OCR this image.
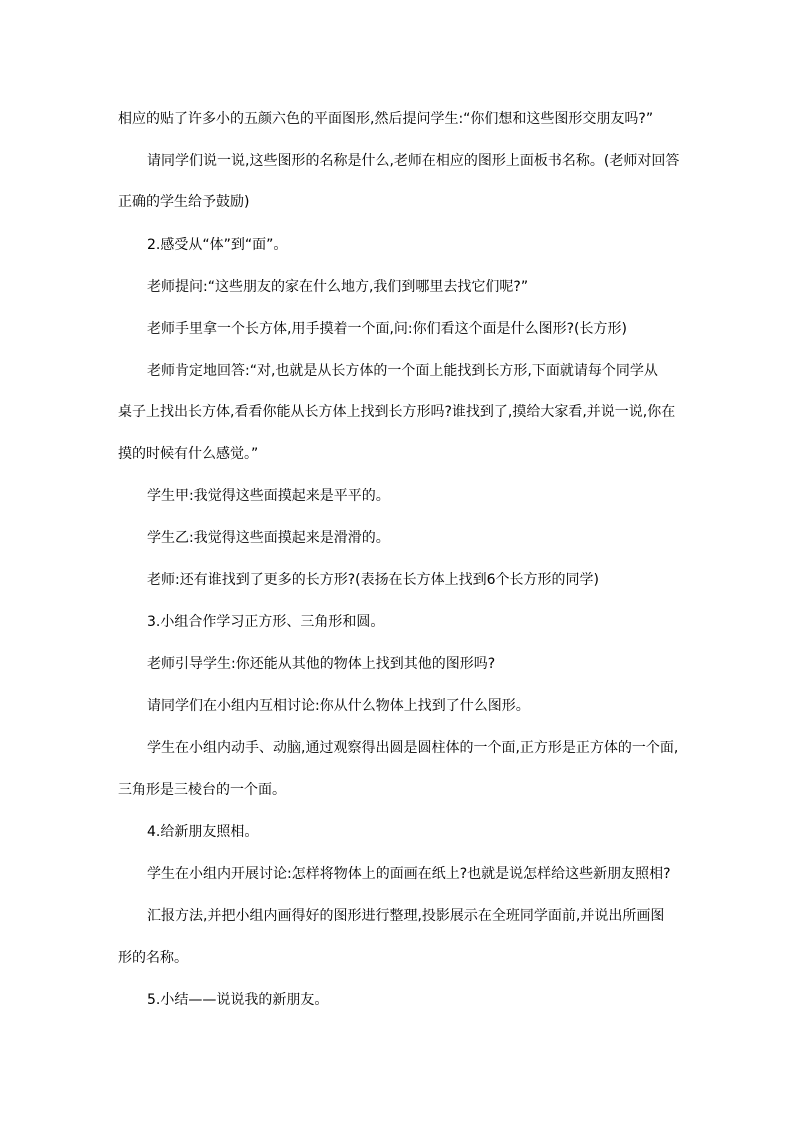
相应的贴了许多小的五颜六色的平面图形,然后提问学生:“你们想和这些图形交朋友吗?”
请同学们说一说,这些图形的名称是什么,老师在相应的图形上面板书名称。(老师对回答
正确的学生给予鼓励)
2.感受从“体”到“面”。
老师提问:“这些朋友的家在什么地方,我们到哪里去找它们呢?”
老师手里拿一个长方体,用手摸着一个面,问:你们看这个面是什么图形?(长方形)
老师肯定地回答:“对,也就是从长方体的一个面上能找到长方形,下面就请每个同学从
桌子上找出长方体,看看你能从长方体上找到长方形吗?谁找到了,摸给大家看,并说一说,你在
摸的时候有什么感觉。”
学生甲:我觉得这些面摸起来是平平的。
学生乙:我觉得这些面摸起来是滑滑的。
老师:还有谁找到了更多的长方形?(表扬在长方体上找到6个长方形的同学)
3.小组合作学习正方形、三角形和圆。
老师引导学生:你还能从其他的物体上找到其他的图形吗?
请同学们在小组内互相讨论:你从什么物体上找到了什么图形。
学生在小组内动手、动脑,通过观察得出圆是圆柱体的一个面,正方形是正方体的一个面,
三角形是三棱台的一个面。
4.给新朋友照相。
学生在小组内开展讨论:怎样将物体上的面画在纸上?也就是说怎样给这些新朋友照相?
汇报方法,并把小组内画得好的图形进行整理,投影展示在全班同学面前,并说出所画图
形的名称。
5.小结——说说我的新朋友。
